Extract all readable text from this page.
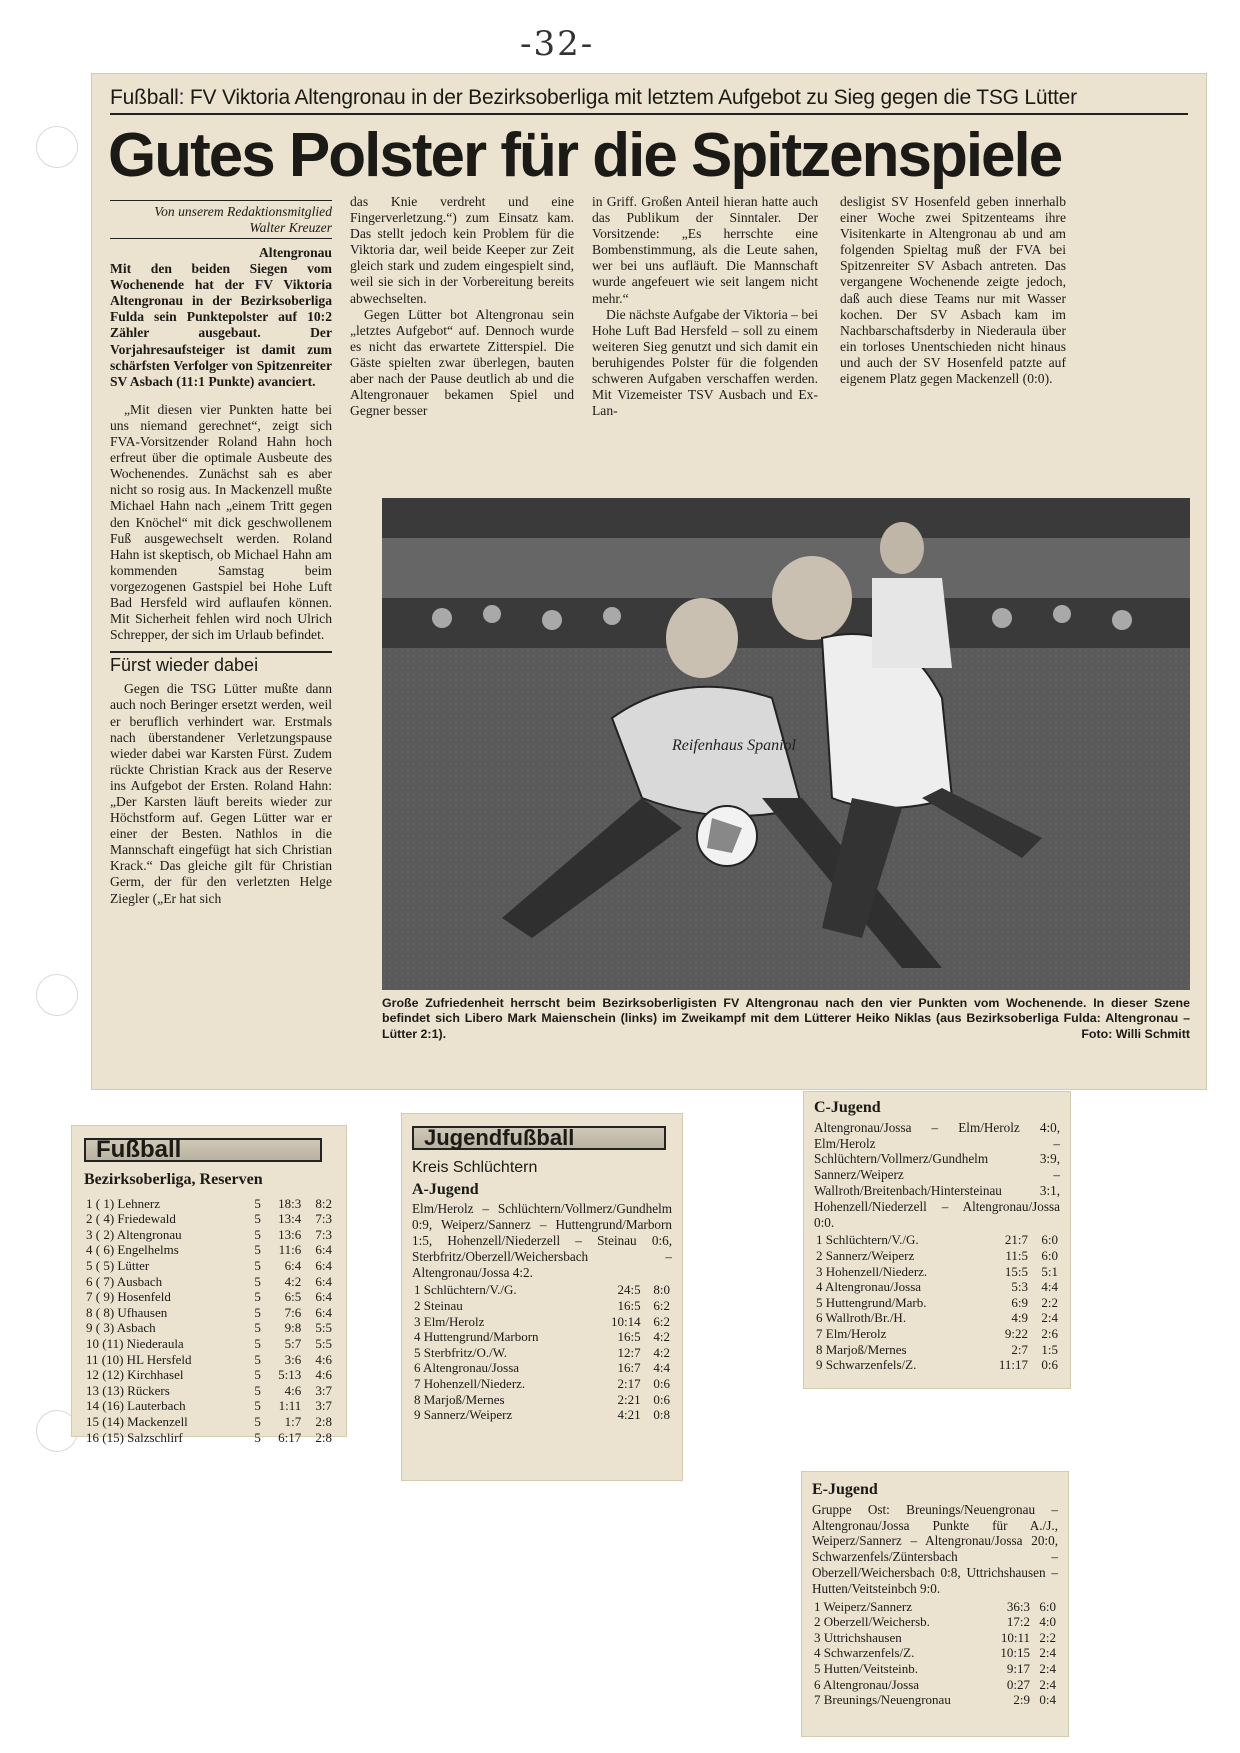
-32-
Fußball: FV Viktoria Altengronau in der Bezirksoberliga mit letztem Aufgebot zu Sieg gegen die TSG Lütter
Gutes Polster für die Spitzenspiele
Von unserem Redaktionsmitglied
Walter Kreuzer
Altengronau
Mit den beiden Siegen vom Wochenende hat der FV Viktoria Altengronau in der Bezirksoberliga Fulda sein Punktepolster auf 10:2 Zähler ausgebaut. Der Vorjahresaufsteiger ist damit zum schärfsten Verfolger von Spitzenreiter SV Asbach (11:1 Punkte) avanciert.

„Mit diesen vier Punkten hatte bei uns niemand gerechnet“, zeigt sich FVA-Vorsitzender Roland Hahn hoch erfreut über die optimale Ausbeute des Wochenendes. Zunächst sah es aber nicht so rosig aus. In Mackenzell mußte Michael Hahn nach „einem Tritt gegen den Knöchel“ mit dick geschwollenem Fuß ausgewechselt werden. Roland Hahn ist skeptisch, ob Michael Hahn am kommenden Samstag beim vorgezogenen Gastspiel bei Hohe Luft Bad Hersfeld wird auflaufen können. Mit Sicherheit fehlen wird noch Ulrich Schrepper, der sich im Urlaub befindet.

Fürst wieder dabei

Gegen die TSG Lütter mußte dann auch noch Beringer ersetzt werden, weil er beruflich verhindert war. Erstmals nach überstandener Verletzungspause wieder dabei war Karsten Fürst. Zudem rückte Christian Krack aus der Reserve ins Aufgebot der Ersten. Roland Hahn: „Der Karsten läuft bereits wieder zur Höchstform auf. Gegen Lütter war er einer der Besten. Nathlos in die Mannschaft eingefügt hat sich Christian Krack.“ Das gleiche gilt für Christian Germ, der für den verletzten Helge Ziegler („Er hat sich

das Knie verdreht und eine Fingerverletzung.“) zum Einsatz kam. Das stellt jedoch kein Problem für die Viktoria dar, weil beide Keeper zur Zeit gleich stark und zudem eingespielt sind, weil sie sich in der Vorbereitung bereits abwechselten.

Gegen Lütter bot Altengronau sein „letztes Aufgebot“ auf. Dennoch wurde es nicht das erwartete Zitterspiel. Die Gäste spielten zwar überlegen, bauten aber nach der Pause deutlich ab und die Altengronauer bekamen Spiel und Gegner besser

in Griff. Großen Anteil hieran hatte auch das Publikum der Sinntaler. Der Vorsitzende: „Es herrschte eine Bombenstimmung, als die Leute sahen, wer bei uns aufläuft. Die Mannschaft wurde angefeuert wie seit langem nicht mehr.“

Die nächste Aufgabe der Viktoria – bei Hohe Luft Bad Hersfeld – soll zu einem weiteren Sieg genutzt und sich damit ein beruhigendes Polster für die folgenden schweren Aufgaben verschaffen werden. Mit Vizemeister TSV Ausbach und Ex-Lan-

desligist SV Hosenfeld geben innerhalb einer Woche zwei Spitzenteams ihre Visitenkarte in Altengronau ab und am folgenden Spieltag muß der FVA bei Spitzenreiter SV Asbach antreten. Das vergangene Wochenende zeigte jedoch, daß auch diese Teams nur mit Wasser kochen. Der SV Asbach kam im Nachbarschaftsderby in Niederaula über ein torloses Unentschieden nicht hinaus und auch der SV Hosenfeld patzte auf eigenem Platz gegen Mackenzell (0:0).

Reifenhaus Spaniol
Große Zufriedenheit herrscht beim Bezirksoberligisten FV Altengronau nach den vier Punkten vom Wochenende. In dieser Szene befindet sich Libero Mark Maienschein (links) im Zweikampf mit dem Lütterer Heiko Niklas (aus Bezirksoberliga Fulda: Altengronau – Lütter 2:1).	Foto: Willi Schmitt
Fußball
Bezirksoberliga, Reserven
1 ( 1) Lehnerz	5	18:3	8:2
2 ( 4) Friedewald	5	13:4	7:3
3 ( 2) Altengronau	5	13:6	7:3
4 ( 6) Engelhelms	5	11:6	6:4
5 ( 5) Lütter	5	6:4	6:4
6 ( 7) Ausbach	5	4:2	6:4
7 ( 9) Hosenfeld	5	6:5	6:4
8 ( 8) Ufhausen	5	7:6	6:4
9 ( 3) Asbach	5	9:8	5:5
10 (11) Niederaula	5	5:7	5:5
11 (10) HL Hersfeld	5	3:6	4:6
12 (12) Kirchhasel	5	5:13	4:6
13 (13) Rückers	5	4:6	3:7
14 (16) Lauterbach	5	1:11	3:7
15 (14) Mackenzell	5	1:7	2:8
16 (15) Salzschlirf	5	6:17	2:8
Jugendfußball
Kreis Schlüchtern
A-Jugend
Elm/Herolz – Schlüchtern/Vollmerz/Gundhelm 0:9, Weiperz/Sannerz – Huttengrund/Marborn 1:5, Hohenzell/Niederzell – Steinau 0:6, Sterbfritz/Oberzell/Weichersbach – Altengronau/Jossa 4:2.
1 Schlüchtern/V./G.	24:5	8:0
2 Steinau	16:5	6:2
3 Elm/Herolz	10:14	6:2
4 Huttengrund/Marborn	16:5	4:2
5 Sterbfritz/O./W.	12:7	4:2
6 Altengronau/Jossa	16:7	4:4
7 Hohenzell/Niederz.	2:17	0:6
8 Marjoß/Mernes	2:21	0:6
9 Sannerz/Weiperz	4:21	0:8
C-Jugend
Altengronau/Jossa – Elm/Herolz 4:0, Elm/Herolz – Schlüchtern/Vollmerz/Gundhelm 3:9, Sannerz/Weiperz – Wallroth/Breitenbach/Hintersteinau 3:1, Hohenzell/Niederzell – Altengronau/Jossa 0:0.
1 Schlüchtern/V./G.	21:7	6:0
2 Sannerz/Weiperz	11:5	6:0
3 Hohenzell/Niederz.	15:5	5:1
4 Altengronau/Jossa	5:3	4:4
5 Huttengrund/Marb.	6:9	2:2
6 Wallroth/Br./H.	4:9	2:4
7 Elm/Herolz	9:22	2:6
8 Marjoß/Mernes	2:7	1:5
9 Schwarzenfels/Z.	11:17	0:6
E-Jugend
Gruppe Ost: Breunings/Neuengronau – Altengronau/Jossa Punkte für A./J., Weiperz/Sannerz – Altengronau/Jossa 20:0, Schwarzenfels/Züntersbach – Oberzell/Weichersbach 0:8, Uttrichshausen – Hutten/Veitsteinbch 9:0.
1 Weiperz/Sannerz	36:3	6:0
2 Oberzell/Weichersb.	17:2	4:0
3 Uttrichshausen	10:11	2:2
4 Schwarzenfels/Z.	10:15	2:4
5 Hutten/Veitsteinb.	9:17	2:4
6 Altengronau/Jossa	0:27	2:4
7 Breunings/Neuengronau	2:9	0:4
